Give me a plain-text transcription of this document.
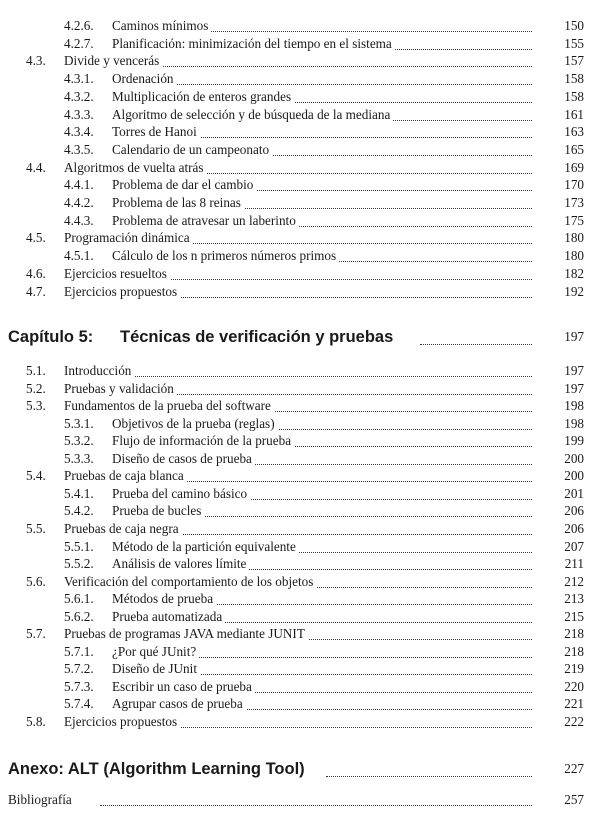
4.2.6. Caminos mínimos	150
4.2.7. Planificación: minimización del tiempo en el sistema	155
4.3. Divide y vencerás	157
4.3.1. Ordenación	158
4.3.2. Multiplicación de enteros grandes	158
4.3.3. Algoritmo de selección y de búsqueda de la mediana	161
4.3.4. Torres de Hanoi	163
4.3.5. Calendario de un campeonato	165
4.4. Algoritmos de vuelta atrás	169
4.4.1. Problema de dar el cambio	170
4.4.2. Problema de las 8 reinas	173
4.4.3. Problema de atravesar un laberinto	175
4.5. Programación dinámica	180
4.5.1. Cálculo de los n primeros números primos	180
4.6. Ejercicios resueltos	182
4.7. Ejercicios propuestos	192
Capítulo 5: Técnicas de verificación y pruebas	197
5.1. Introducción	197
5.2. Pruebas y validación	197
5.3. Fundamentos de la prueba del software	198
5.3.1. Objetivos de la prueba (reglas)	198
5.3.2. Flujo de información de la prueba	199
5.3.3. Diseño de casos de prueba	200
5.4. Pruebas de caja blanca	200
5.4.1. Prueba del camino básico	201
5.4.2. Prueba de bucles	206
5.5. Pruebas de caja negra	206
5.5.1. Método de la partición equivalente	207
5.5.2. Análisis de valores límite	211
5.6. Verificación del comportamiento de los objetos	212
5.6.1. Métodos de prueba	213
5.6.2. Prueba automatizada	215
5.7. Pruebas de programas JAVA mediante JUNIT	218
5.7.1. ¿Por qué JUnit?	218
5.7.2. Diseño de JUnit	219
5.7.3. Escribir un caso de prueba	220
5.7.4. Agrupar casos de prueba	221
5.8. Ejercicios propuestos	222
Anexo: ALT (Algorithm Learning Tool)	227
Bibliografía	257
